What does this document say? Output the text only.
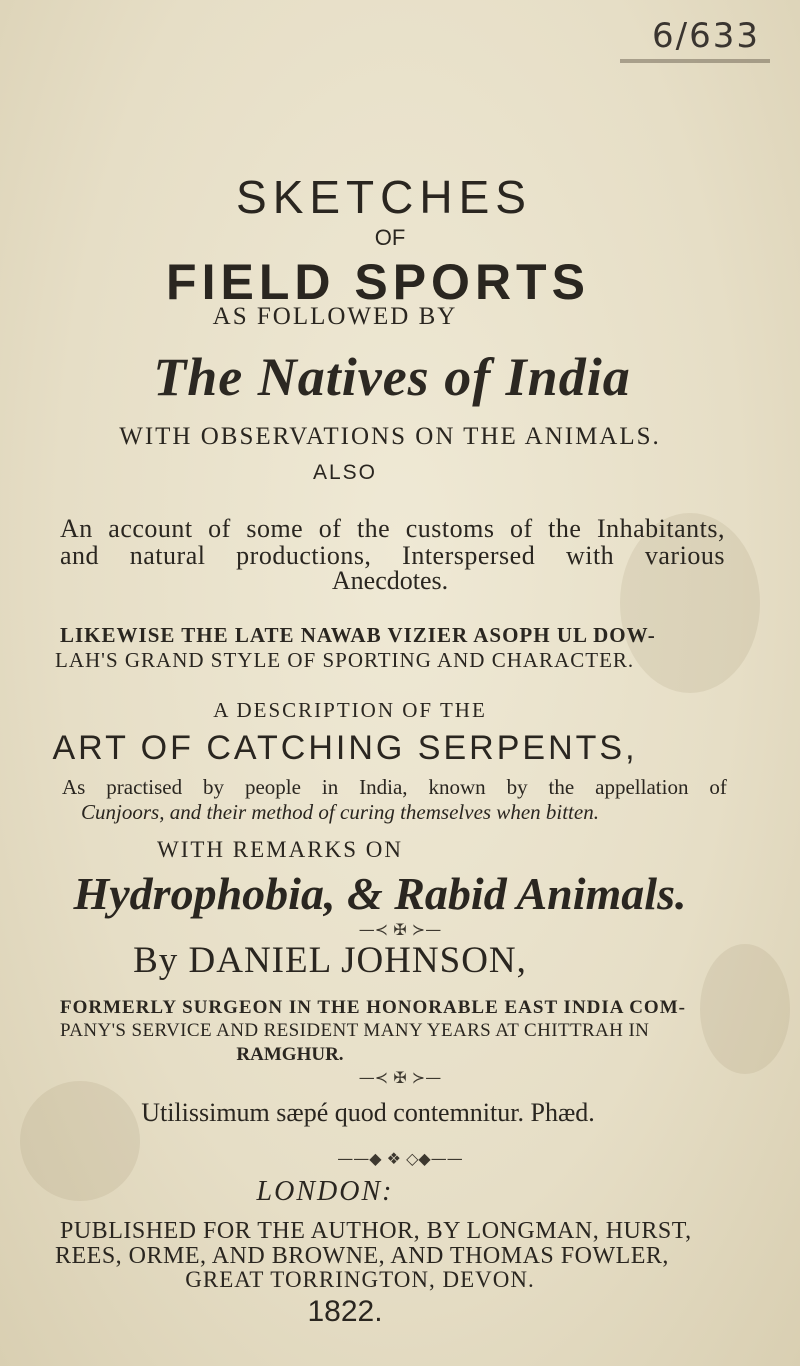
6/633
SKETCHES
OF
FIELD SPORTS
AS FOLLOWED BY
The Natives of India
WITH OBSERVATIONS ON THE ANIMALS.
ALSO
An account of some of the customs of the Inhabitants,
and natural productions, Interspersed with various
Anecdotes.
LIKEWISE THE LATE NAWAB VIZIER ASOPH UL DOW-
LAH'S GRAND STYLE OF SPORTING AND CHARACTER.
A DESCRIPTION OF THE
ART OF CATCHING SERPENTS,
As practised by people in India, known by the appellation of
Cunjoors, and their method of curing themselves when bitten.
WITH REMARKS ON
Hydrophobia, & Rabid Animals.
—≺ ✠ ≻—
By DANIEL JOHNSON,
FORMERLY SURGEON IN THE HONORABLE EAST INDIA COM-
PANY'S SERVICE AND RESIDENT MANY YEARS AT CHITTRAH IN
RAMGHUR.
—≺ ✠ ≻—
Utilissimum sæpé quod contemnitur. Phæd.
——◆ ❖ ◇◆——
LONDON:
PUBLISHED FOR THE AUTHOR, BY LONGMAN, HURST,
REES, ORME, AND BROWNE, AND THOMAS FOWLER,
GREAT TORRINGTON, DEVON.
1822.
